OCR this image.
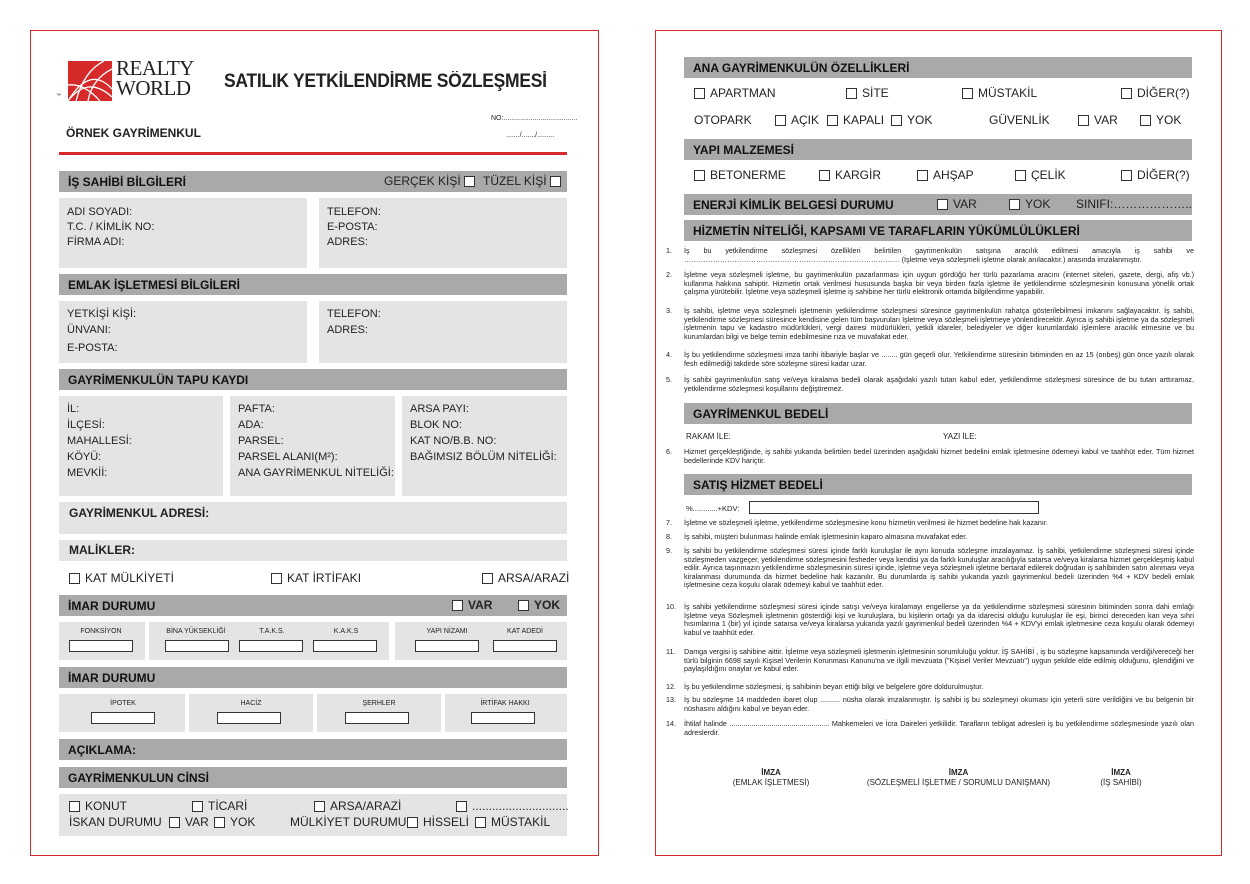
REALTY
WORLD
™
SATILIK YETKİLENDİRME SÖZLEŞMESİ
ÖRNEK GAYRİMENKUL
NO:......................................
......./......./.........
İŞ SAHİBİ BİLGİLERİ	GERÇEK KİŞİ	TÜZEL KİŞİ
ADI SOYADI:
T.C. / KİMLİK NO:
FİRMA ADI:
TELEFON:
E-POSTA:
ADRES:
EMLAK İŞLETMESİ BİLGİLERİ
YETKİŞİ KİŞİ:
ÜNVANI:
E-POSTA:
TELEFON:
ADRES:
GAYRİMENKULÜN TAPU KAYDI
İL:
İLÇESİ:
MAHALLESİ:
KÖYÜ:
MEVKİİ:
PAFTA:
ADA:
PARSEL:
PARSEL ALANI(M²):
ANA GAYRİMENKUL NİTELİĞİ:
ARSA PAYI:
BLOK NO:
KAT NO/B.B. NO:
BAĞIMSIZ BÖLÜM NİTELİĞİ:
GAYRİMENKUL ADRESİ:
MALİKLER:
KAT MÜLKİYETİ	KAT İRTİFAKI	ARSA/ARAZİ
İMAR DURUMU	VAR	YOK
FONKSİYON	BİNA YÜKSEKLİĞİ	T.A.K.S.	K.A.K.S	YAPI NİZAMI	KAT ADEDİ
İMAR DURUMU
İPOTEK	HACİZ	ŞERHLER	İRTİFAK HAKKI
AÇIKLAMA:
GAYRİMENKULUN CİNSİ
KONUT	TİCARİ	ARSA/ARAZİ	.............................
İSKAN DURUMU	VAR	YOK	MÜLKİYET DURUMU	HİSSELİ	MÜSTAKİL
ANA GAYRİMENKULÜN ÖZELLİKLERİ
APARTMAN	SİTE	MÜSTAKİL	DİĞER(?)
OTOPARK	AÇIK	KAPALI	YOK	GÜVENLİK	VAR	YOK
YAPI MALZEMESİ
BETONERME	KARGİR	AHŞAP	ÇELİK	DİĞER(?)
ENERJİ KİMLİK BELGESİ DURUMU	VAR	YOK SINIFI:………………..
HİZMETİN NİTELİĞİ, KAPSAMI VE TARAFLARIN YÜKÜMLÜLÜKLERİ
1. İş bu yetkilendirme sözleşmesi özellikleri belirtilen gayrimenkulün satışına aracılık edilmesi amacıyla iş sahibi ve ……………………………………………………………………………… (İşletme veya sözleşmeli işletme olarak anılacaktır.) arasında imzalanmıştır.
2. İşletme veya sözleşmeli işletme, bu gayrimenkulün pazarlanması için uygun gördüğü her türlü pazarlama aracını (internet siteleri, gazete, dergi, afiş vb.) kullanma hakkına sahiptir. Hizmetin ortak verilmesi hususunda başka bir veya birden fazla işletme ile yetkilendirme sözleşmesinin konusuna yönelik ortak çalışma yürütebilir. İşletme veya sözleşmeli işletme iş sahibine her türlü elektronik ortamda bilgilendirme yapabilir.
3. İş sahibi, işletme veya sözleşmeli işletmenin yetkilendirme sözleşmesi süresince gayrimenkulün rahatça gösterilebilmesi imkanını sağlayacaktır. İş sahibi, yetkilendirme sözleşmesi süresince kendisine gelen tüm başvuruları İşletme veya sözleşmeli işletmeye yönlendirecektir. Ayrıca iş sahibi işletme ya da sözleşmeli işletmenin tapu ve kadastro müdürlükleri, vergi dairesi müdürlükleri, yetkili idareler, belediyeler ve diğer kurumlardaki işlemlere aracılık etmesine ve bu kurumlardan bilgi ve belge temin edebilmesine rıza ve muvafakat eder.
4. İş bu yetkilendirme sözleşmesi imza tarihi itibariyle başlar ve ........ gün geçerli olur. Yetkilendirme süresinin bitiminden en az 15 (onbeş) gün önce yazılı olarak fesh edilmediği takdirde söre sözleşme süresi kadar uzar.
5. İş sahibi gayrimenkulün satış ve/veya kiralama bedeli olarak aşağıdaki yazılı tutarı kabul eder, yetkilendirme sözleşmesi süresince de bu tutarı arttıramaz, yetkilendirme sözleşmesi koşullarını değiştiremez.
GAYRİMENKUL BEDELİ
RAKAM İLE:	YAZI İLE:
6. Hizmet gerçekleştiğinde, iş sahibi yukarıda belirtilen bedel üzerinden aşağıdaki hizmet bedelini emlak işletmesine ödemeyi kabul ve taahhüt eder. Tüm hizmet bedellerinde KDV hariçtir.
SATIŞ HİZMET BEDELİ
%............+KDV:
7. İşletme ve sözleşmeli işletme, yetkilendirme sözleşmesine konu hizmetin verilmesi ile hizmet bedeline hak kazanır.
8. İş sahibi, müşteri bulunması halinde emlak işletmesinin kaparo almasına muvafakat eder.
9. İş sahibi bu yetkilendirme sözleşmesi süresi içinde farklı kuruluşlar ile aynı konuda sözleşme imzalayamaz. İş sahibi, yetkilendirme sözleşmesi süresi içinde sözleşmeden vazgeçer, yetkilendirme sözleşmesini fesheder veya kendisi ya da farklı kuruluşlar aracılığıyla satarsa ve/veya kiralarsa hizmet gerçekleşmiş kabul edilir. Ayrıca taşınmazın yetkilendirme sözleşmesinin süresi içinde, işletme veya sözleşmeli işletme bertaraf edilerek doğrudan iş sahibinden satın alınması veya kiralanması durumunda da hizmet bedeline hak kazanılır. Bu durumlarda iş sahibi yukarıda yazılı gayrimenkul bedeli üzerinden %4 + KDV bedeli emlak işletmesine ceza koşulu olarak ödemeyi kabul ve taahhüt eder.
10. İş sahibi yetkilendirme sözleşmesi süresi içinde satışı ve/veya kiralamayı engellerse ya da yetkilendirme sözleşmesi süresinin bitiminden sonra dahi emlağı İşletme veya Sözleşmeli işletmenin gösterdiği kişi ve kuruluşlara, bu kişilerin ortağı ya da idarecisi olduğu kuruluşlar ile eşi, birinci dereceden kan veya sıhri hısımlarına 1 (bir) yıl içinde satarsa ve/veya kiralarsa yukarıda yazılı gayrimenkul bedeli üzerinden %4 + KDV'yi emlak işletmesine ceza koşulu olarak ödemeyi kabul ve taahhüt eder.
11. Damga vergisi iş sahibine aittir. İşletme veya sözleşmeli işletmenin işletmesinin sorumluluğu yoktur. İŞ SAHİBİ , iş bu sözleşme kapsamında verdiği/vereceği her türlü bilginin 6698 sayılı Kişisel Verilerin Korunması Kanunu'na ve ilgili mevzuata ("Kişisel Veriler Mevzuatı") uygun şekilde elde edilmiş olduğunu, işlendiğini ve paylaşıldığını onaylar ve kabul eder.
12. İş bu yetkilendirme sözleşmesi, iş sahibinin beyan ettiği bilgi ve belgelere göre doldurulmuştur.
13. İş bu sözleşme 14 maddeden ibaret olup .......... nüsha olarak imzalanmıştır. İş sahibi iş bu sözleşmeyi okuması için yeterli süre verildiğini ve bu belgenin bir nüshasını aldığını kabul ve beyan eder.
14. İhtilaf halinde .................................................. Mahkemeleri ve İcra Daireleri yetkilidir. Tarafların tebligat adresleri iş bu yetkilendirme sözleşmesinde yazılı olan adreslerdir.
İMZA
(EMLAK İŞLETMESİ)
İMZA
(SÖZLEŞMELİ İŞLETME / SORUMLU DANIŞMAN)
İMZA
(İŞ SAHİBİ)
